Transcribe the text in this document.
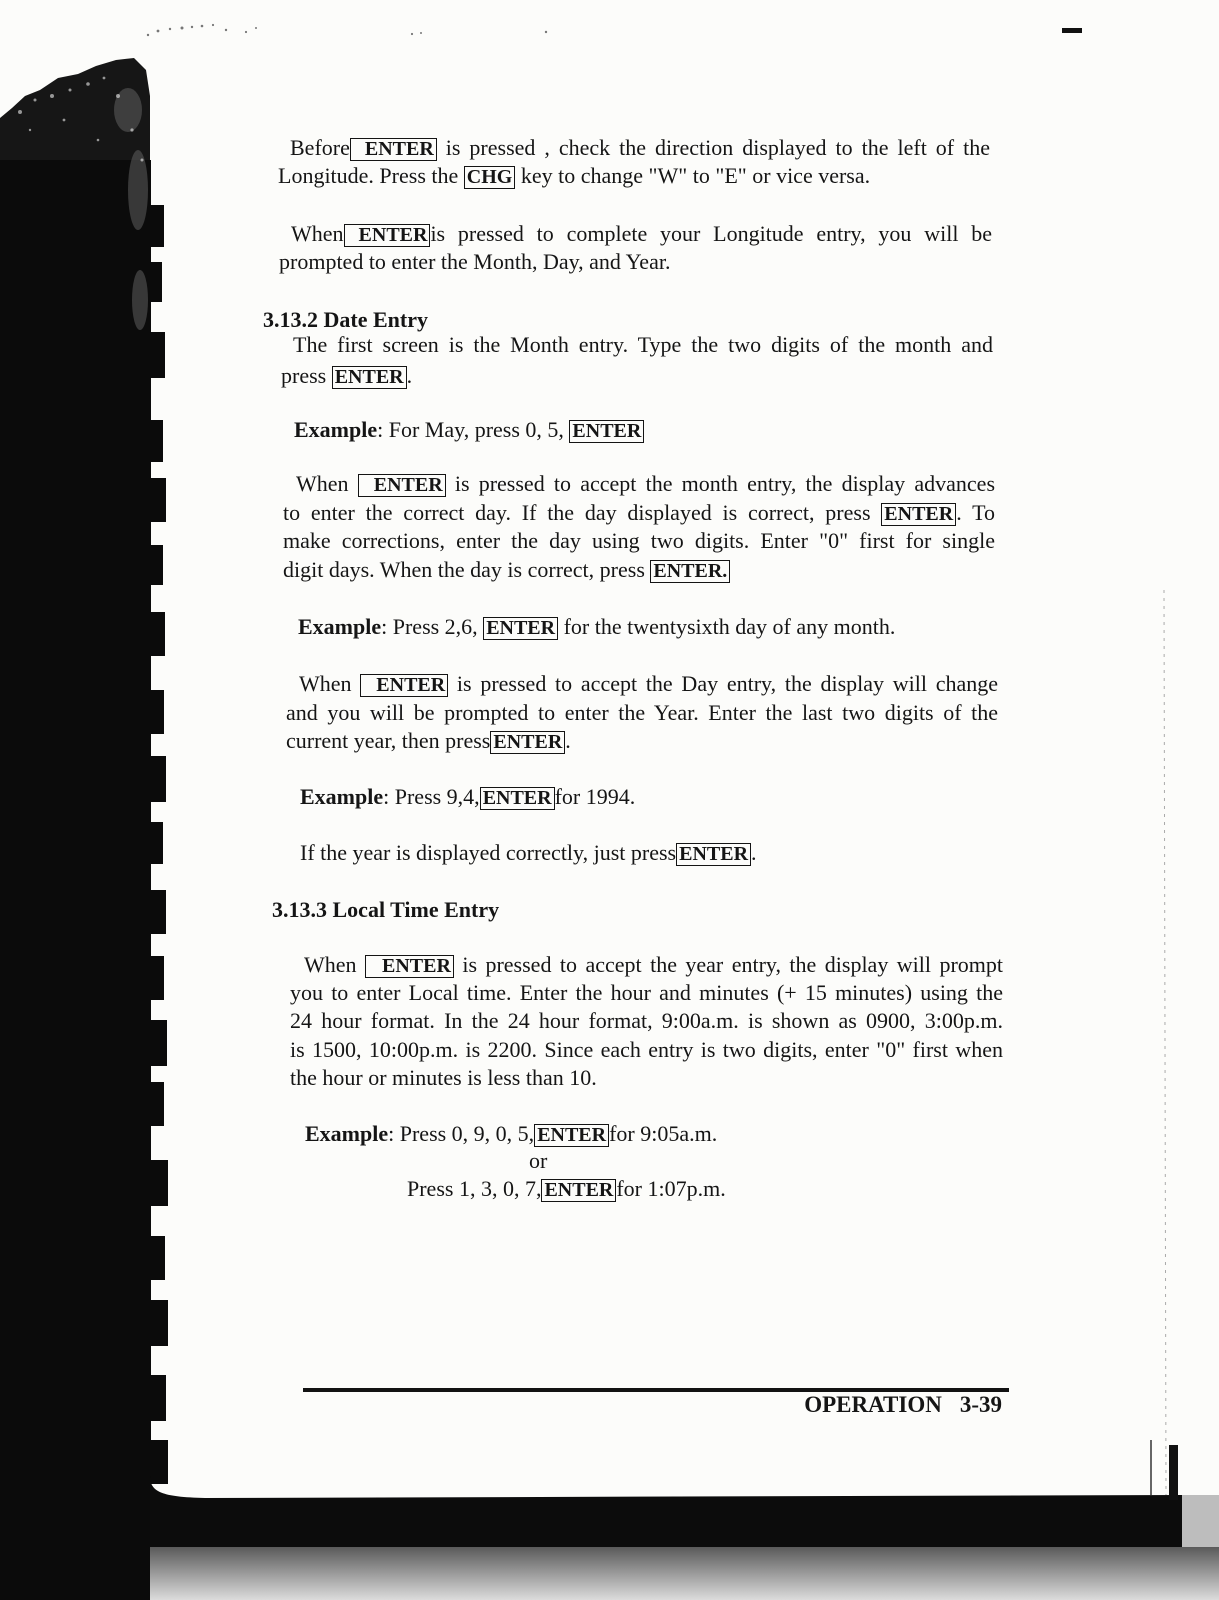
Before ENTER is pressed , check the direction displayed to the left of the
Longitude. Press the CHG key to change "W" to "E" or vice versa.
When ENTER is pressed to complete your Longitude entry, you will be
prompted to enter the Month, Day, and Year.
3.13.2 Date Entry
The first screen is the Month entry. Type the two digits of the month and
press ENTER .
Example: For May, press 0, 5, ENTER
When ENTER is pressed to accept the month entry, the display advances
to enter the correct day. If the day displayed is correct, press ENTER . To
make corrections, enter the day using two digits. Enter "0" first for single
digit days. When the day is correct, press ENTER.
Example: Press 2,6, ENTER for the twentysixth day of any month.
When ENTER is pressed to accept the Day entry, the display will change
and you will be prompted to enter the Year. Enter the last two digits of the
current year, then press ENTER .
Example: Press 9,4, ENTER for 1994.
If the year is displayed correctly, just press ENTER .
3.13.3 Local Time Entry
When ENTER is pressed to accept the year entry, the display will prompt
you to enter Local time. Enter the hour and minutes (+ 15 minutes) using the
24 hour format. In the 24 hour format, 9:00a.m. is shown as 0900, 3:00p.m.
is 1500, 10:00p.m. is 2200. Since each entry is two digits, enter "0" first when
the hour or minutes is less than 10.
Example: Press 0, 9, 0, 5, ENTER for 9:05a.m.
or
Press 1, 3, 0, 7, ENTER for 1:07p.m.
OPERATION 3-39
